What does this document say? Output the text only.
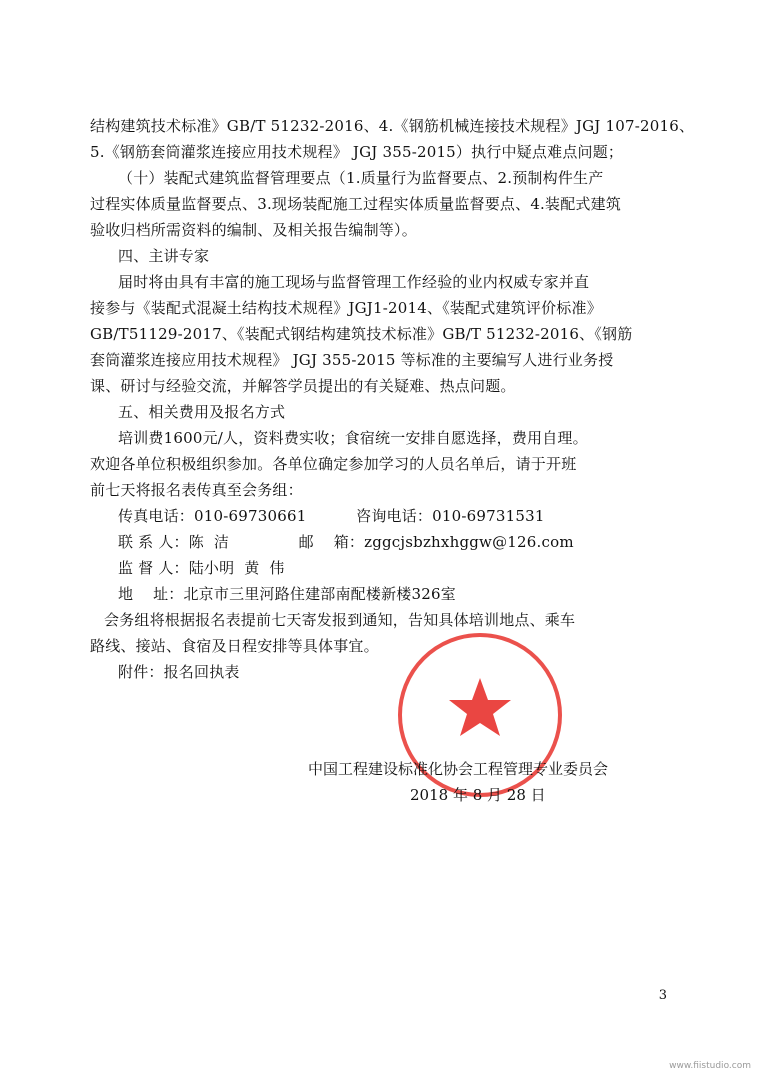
结构建筑技术标准》GB/T 51232-2016、4.《钢筋机械连接技术规程》JGJ 107-2016、
5.《钢筋套筒灌浆连接应用技术规程》 JGJ 355-2015）执行中疑点难点问题；
（十）装配式建筑监督管理要点（1.质量行为监督要点、2.预制构件生产
过程实体质量监督要点、3.现场装配施工过程实体质量监督要点、4.装配式建筑
验收归档所需资料的编制、及相关报告编制等）。
四、主讲专家
届时将由具有丰富的施工现场与监督管理工作经验的业内权威专家并直
接参与《装配式混凝土结构技术规程》JGJ1-2014、《装配式建筑评价标准》
GB/T51129-2017、《装配式钢结构建筑技术标准》GB/T 51232-2016、《钢筋
套筒灌浆连接应用技术规程》 JGJ 355-2015 等标准的主要编写人进行业务授
课、研讨与经验交流，并解答学员提出的有关疑难、热点问题。
五、相关费用及报名方式
培训费1600元/人，资料费实收；食宿统一安排自愿选择，费用自理。
欢迎各单位积极组织参加。各单位确定参加学习的人员名单后，请于开班
前七天将报名表传真至会务组：
传真电话：010-69730661          咨询电话：010-69731531
联 系 人：陈  洁              邮    箱：zggcjsbzhxhggw@126.com
监 督 人：陆小明  黄  伟
地    址：北京市三里河路住建部南配楼新楼326室
会务组将根据报名表提前七天寄发报到通知，告知具体培训地点、乘车
路线、接站、食宿及日程安排等具体事宜。
附件：报名回执表
中国工程建设标准化协会工程管理专业委员会
2018 年 8 月 28 日
3
www.fiistudio.com
